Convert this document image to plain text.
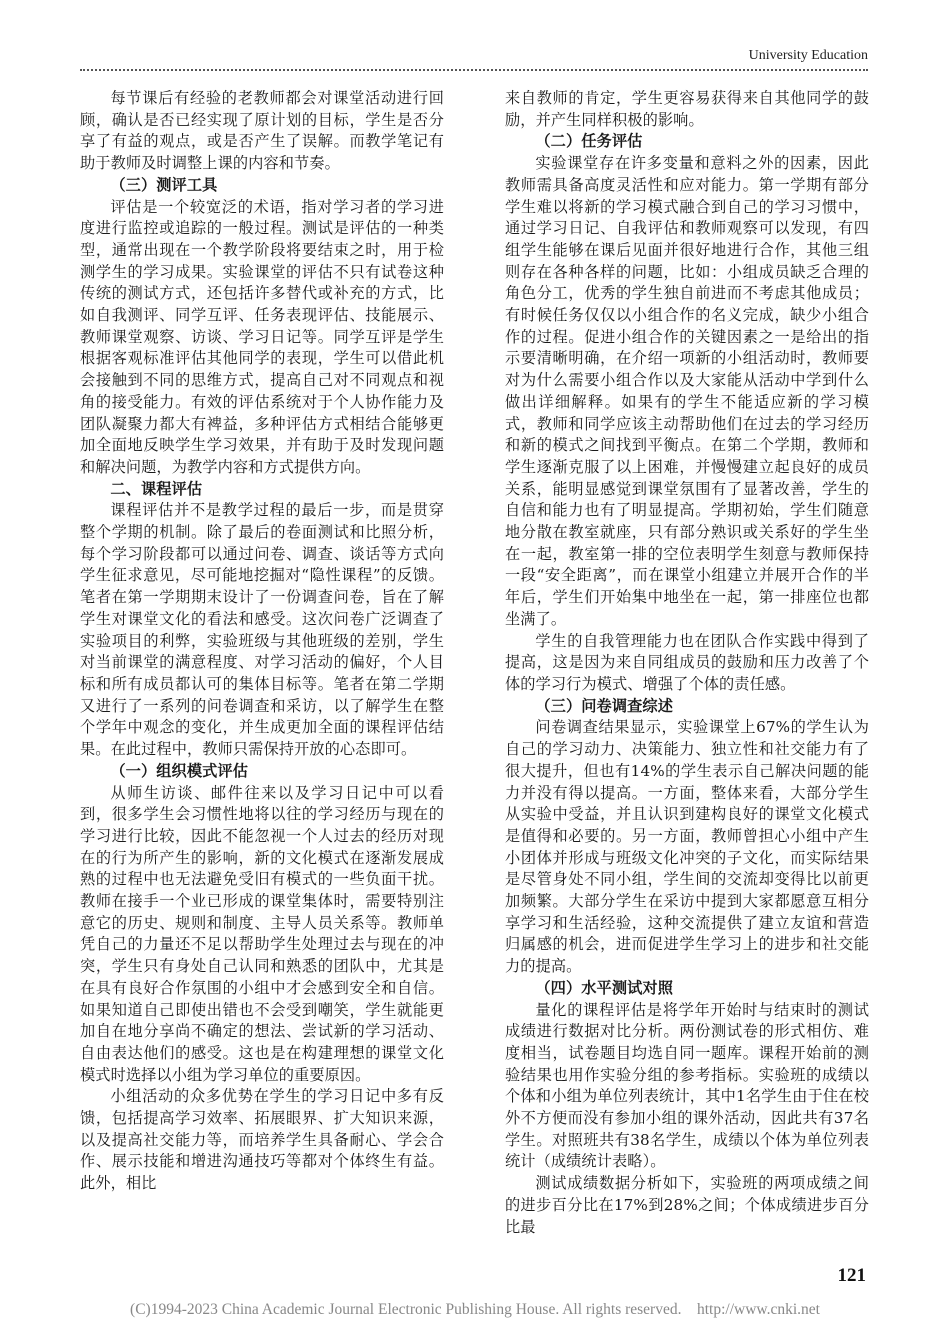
University Education

每节课后有经验的老教师都会对课堂活动进行回顾，确认是否已经实现了原计划的目标，学生是否分享了有益的观点，或是否产生了误解。而教学笔记有助于教师及时调整上课的内容和节奏。

（三）测评工具

评估是一个较宽泛的术语，指对学习者的学习进度进行监控或追踪的一般过程。测试是评估的一种类型，通常出现在一个教学阶段将要结束之时，用于检测学生的学习成果。实验课堂的评估不只有试卷这种传统的测试方式，还包括许多替代或补充的方式，比如自我测评、同学互评、任务表现评估、技能展示、教师课堂观察、访谈、学习日记等。同学互评是学生根据客观标准评估其他同学的表现，学生可以借此机会接触到不同的思维方式，提高自己对不同观点和视角的接受能力。有效的评估系统对于个人协作能力及团队凝聚力都大有裨益，多种评估方式相结合能够更加全面地反映学生学习效果，并有助于及时发现问题和解决问题，为教学内容和方式提供方向。

二、课程评估

课程评估并不是教学过程的最后一步，而是贯穿整个学期的机制。除了最后的卷面测试和比照分析，每个学习阶段都可以通过问卷、调查、谈话等方式向学生征求意见，尽可能地挖掘对“隐性课程”的反馈。笔者在第一学期期末设计了一份调查问卷，旨在了解学生对课堂文化的看法和感受。这次问卷广泛调查了实验项目的利弊，实验班级与其他班级的差别，学生对当前课堂的满意程度、对学习活动的偏好，个人目标和所有成员都认可的集体目标等。笔者在第二学期又进行了一系列的问卷调查和采访，以了解学生在整个学年中观念的变化，并生成更加全面的课程评估结果。在此过程中，教师只需保持开放的心态即可。

（一）组织模式评估

从师生访谈、邮件往来以及学习日记中可以看到，很多学生会习惯性地将以往的学习经历与现在的学习进行比较，因此不能忽视一个人过去的经历对现在的行为所产生的影响，新的文化模式在逐渐发展成熟的过程中也无法避免受旧有模式的一些负面干扰。教师在接手一个业已形成的课堂集体时，需要特别注意它的历史、规则和制度、主导人员关系等。教师单凭自己的力量还不足以帮助学生处理过去与现在的冲突，学生只有身处自己认同和熟悉的团队中，尤其是在具有良好合作氛围的小组中才会感到安全和自信。如果知道自己即使出错也不会受到嘲笑，学生就能更加自在地分享尚不确定的想法、尝试新的学习活动、自由表达他们的感受。这也是在构建理想的课堂文化模式时选择以小组为学习单位的重要原因。

小组活动的众多优势在学生的学习日记中多有反馈，包括提高学习效率、拓展眼界、扩大知识来源，以及提高社交能力等，而培养学生具备耐心、学会合作、展示技能和增进沟通技巧等都对个体终生有益。此外，相比

来自教师的肯定，学生更容易获得来自其他同学的鼓励，并产生同样积极的影响。

（二）任务评估

实验课堂存在许多变量和意料之外的因素，因此教师需具备高度灵活性和应对能力。第一学期有部分学生难以将新的学习模式融合到自己的学习习惯中，通过学习日记、自我评估和教师观察可以发现，有四组学生能够在课后见面并很好地进行合作，其他三组则存在各种各样的问题，比如：小组成员缺乏合理的角色分工，优秀的学生独自前进而不考虑其他成员；有时候任务仅仅以小组合作的名义完成，缺少小组合作的过程。促进小组合作的关键因素之一是给出的指示要清晰明确，在介绍一项新的小组活动时，教师要对为什么需要小组合作以及大家能从活动中学到什么做出详细解释。如果有的学生不能适应新的学习模式，教师和同学应该主动帮助他们在过去的学习经历和新的模式之间找到平衡点。在第二个学期，教师和学生逐渐克服了以上困难，并慢慢建立起良好的成员关系，能明显感觉到课堂氛围有了显著改善，学生的自信和能力也有了明显提高。学期初始，学生们随意地分散在教室就座，只有部分熟识或关系好的学生坐在一起，教室第一排的空位表明学生刻意与教师保持一段“安全距离”，而在课堂小组建立并展开合作的半年后，学生们开始集中地坐在一起，第一排座位也都坐满了。

学生的自我管理能力也在团队合作实践中得到了提高，这是因为来自同组成员的鼓励和压力改善了个体的学习行为模式、增强了个体的责任感。

（三）问卷调查综述

问卷调查结果显示，实验课堂上67%的学生认为自己的学习动力、决策能力、独立性和社交能力有了很大提升，但也有14%的学生表示自己解决问题的能力并没有得以提高。一方面，整体来看，大部分学生从实验中受益，并且认识到建构良好的课堂文化模式是值得和必要的。另一方面，教师曾担心小组中产生小团体并形成与班级文化冲突的子文化，而实际结果是尽管身处不同小组，学生间的交流却变得比以前更加频繁。大部分学生在采访中提到大家都愿意互相分享学习和生活经验，这种交流提供了建立友谊和营造归属感的机会，进而促进学生学习上的进步和社交能力的提高。

（四）水平测试对照

量化的课程评估是将学年开始时与结束时的测试成绩进行数据对比分析。两份测试卷的形式相仿、难度相当，试卷题目均选自同一题库。课程开始前的测验结果也用作实验分组的参考指标。实验班的成绩以个体和小组为单位列表统计，其中1名学生由于住在校外不方便而没有参加小组的课外活动，因此共有37名学生。对照班共有38名学生，成绩以个体为单位列表统计（成绩统计表略）。

测试成绩数据分析如下，实验班的两项成绩之间的进步百分比在17%到28%之间；个体成绩进步百分比最

121
(C)1994-2023 China Academic Journal Electronic Publishing House. All rights reserved.　http://www.cnki.net
